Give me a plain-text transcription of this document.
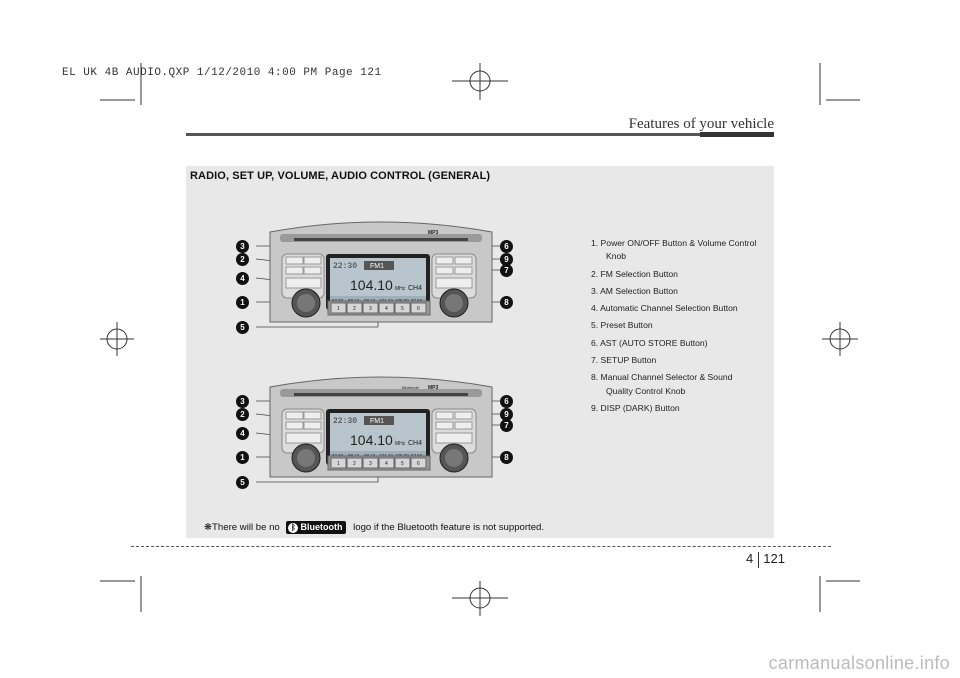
EL UK 4B AUDIO.QXP 1/12/2010 4:00 PM Page 121
Features of your vehicle
RADIO, SET UP, VOLUME, AUDIO CONTROL (GENERAL)
MP3
22:30 FM1
104.10 MHz CH4
1	2	3	4	5	6
Bluetooth MP3
22:30 FM1
104.10 MHz CH4
1	2	3	4	5	6
3
2
4
1
5
6
9
7
8
3
2
4
1
5
6
9
7
8
1. Power ON/OFF Button & Volume Control
Knob
2. FM Selection Button
3. AM Selection Button
4. Automatic Channel Selection Button
5. Preset Button
6. AST (AUTO STORE Button)
7. SETUP Button
8. Manual Channel Selector & Sound
Quality Control Knob
9. DISP (DARK) Button
❋There will be no ᛒ Bluetooth logo if the Bluetooth feature is not supported.
4 121
carmanualsonline.info
